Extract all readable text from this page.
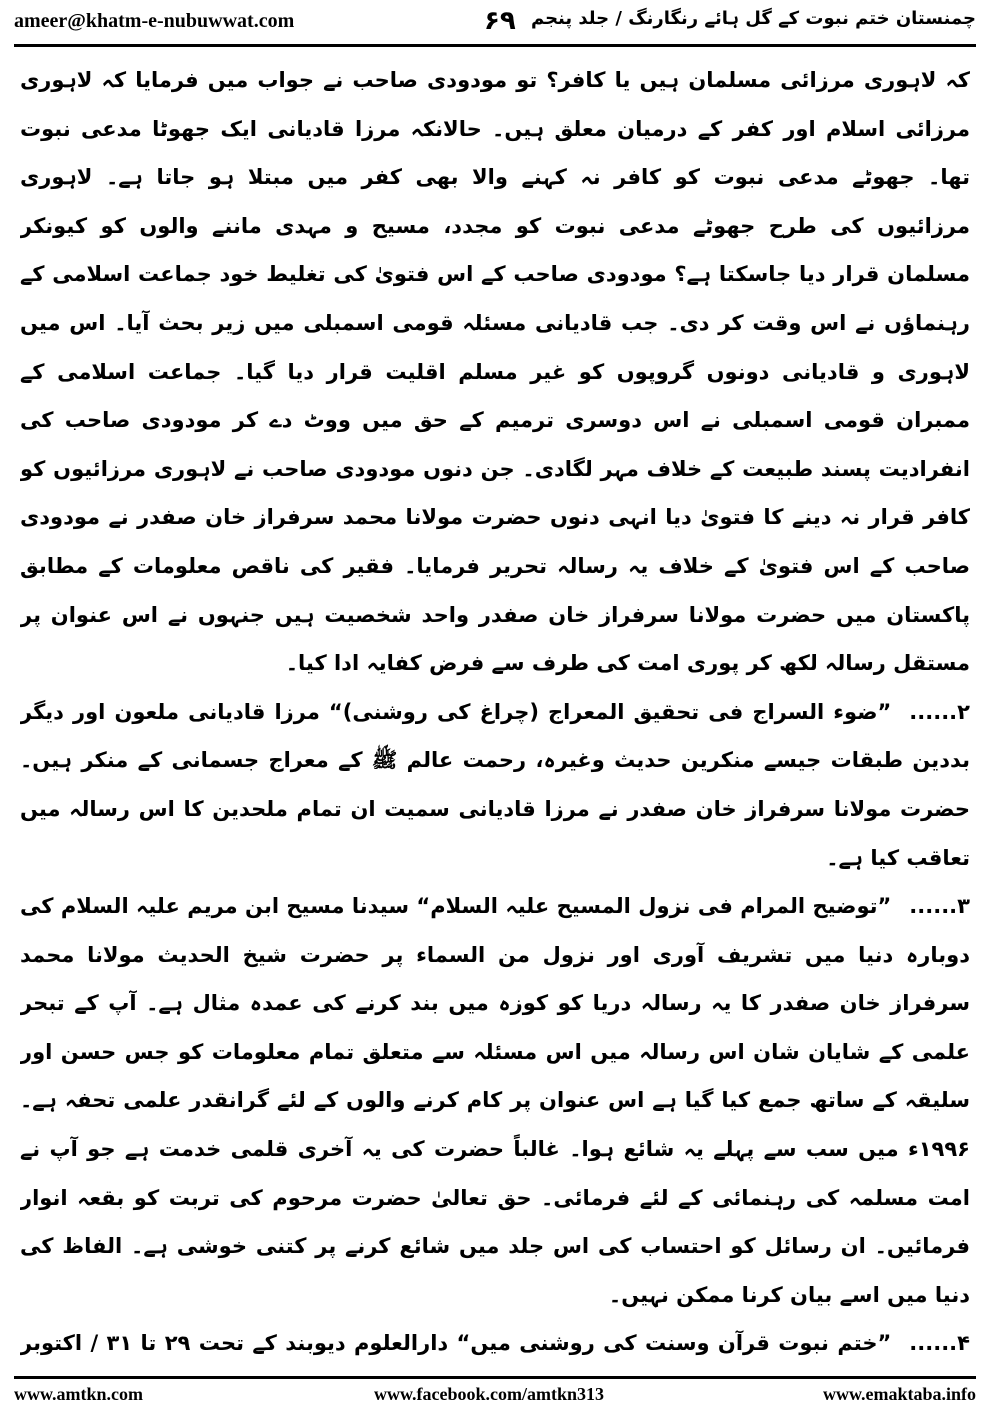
ameer@khatm-e-nubuwwat.com	۶۹ چمنستان ختم نبوت کے گل ہائے رنگارنگ / جلد پنجم

کہ لاہوری مرزائی مسلمان ہیں یا کافر؟ تو مودودی صاحب نے جواب میں فرمایا کہ لاہوری مرزائی اسلام اور کفر کے درمیان معلق ہیں۔ حالانکہ مرزا قادیانی ایک جھوٹا مدعی نبوت تھا۔ جھوٹے مدعی نبوت کو کافر نہ کہنے والا بھی کفر میں مبتلا ہو جاتا ہے۔ لاہوری مرزائیوں کی طرح جھوٹے مدعی نبوت کو مجدد، مسیح و مہدی ماننے والوں کو کیونکر مسلمان قرار دیا جاسکتا ہے؟ مودودی صاحب کے اس فتویٰ کی تغلیط خود جماعت اسلامی کے رہنماؤں نے اس وقت کر دی۔ جب قادیانی مسئلہ قومی اسمبلی میں زیر بحث آیا۔ اس میں لاہوری و قادیانی دونوں گروپوں کو غیر مسلم اقلیت قرار دیا گیا۔ جماعت اسلامی کے ممبران قومی اسمبلی نے اس دوسری ترمیم کے حق میں ووٹ دے کر مودودی صاحب کی انفرادیت پسند طبیعت کے خلاف مہر لگادی۔ جن دنوں مودودی صاحب نے لاہوری مرزائیوں کو کافر قرار نہ دینے کا فتویٰ دیا انہی دنوں حضرت مولانا محمد سرفراز خان صفدر نے مودودی صاحب کے اس فتویٰ کے خلاف یہ رسالہ تحریر فرمایا۔ فقیر کی ناقص معلومات کے مطابق پاکستان میں حضرت مولانا سرفراز خان صفدر واحد شخصیت ہیں جنہوں نے اس عنوان پر مستقل رسالہ لکھ کر پوری امت کی طرف سے فرض کفایہ ادا کیا۔

۲......”ضوء السراج فی تحقیق المعراج (چراغ کی روشنی)“ مرزا قادیانی ملعون اور دیگر بددین طبقات جیسے منکرین حدیث وغیرہ، رحمت عالم ﷺ کے معراج جسمانی کے منکر ہیں۔ حضرت مولانا سرفراز خان صفدر نے مرزا قادیانی سمیت ان تمام ملحدین کا اس رسالہ میں تعاقب کیا ہے۔

۳......”توضیح المرام فی نزول المسیح علیہ السلام“ سیدنا مسیح ابن مریم علیہ السلام کی دوبارہ دنیا میں تشریف آوری اور نزول من السماء پر حضرت شیخ الحدیث مولانا محمد سرفراز خان صفدر کا یہ رسالہ دریا کو کوزہ میں بند کرنے کی عمدہ مثال ہے۔ آپ کے تبحر علمی کے شایان شان اس رسالہ میں اس مسئلہ سے متعلق تمام معلومات کو جس حسن اور سلیقہ کے ساتھ جمع کیا گیا ہے اس عنوان پر کام کرنے والوں کے لئے گرانقدر علمی تحفہ ہے۔ ۱۹۹۶ء میں سب سے پہلے یہ شائع ہوا۔ غالباً حضرت کی یہ آخری قلمی خدمت ہے جو آپ نے امت مسلمہ کی رہنمائی کے لئے فرمائی۔ حق تعالیٰ حضرت مرحوم کی تربت کو بقعہ انوار فرمائیں۔ ان رسائل کو احتساب کی اس جلد میں شائع کرنے پر کتنی خوشی ہے۔ الفاظ کی دنیا میں اسے بیان کرنا ممکن نہیں۔

۴......”ختم نبوت قرآن وسنت کی روشنی میں“ دارالعلوم دیوبند کے تحت ۲۹ تا ۳۱ / اکتوبر

www.amtkn.com	www.facebook.com/amtkn313	www.emaktaba.info
